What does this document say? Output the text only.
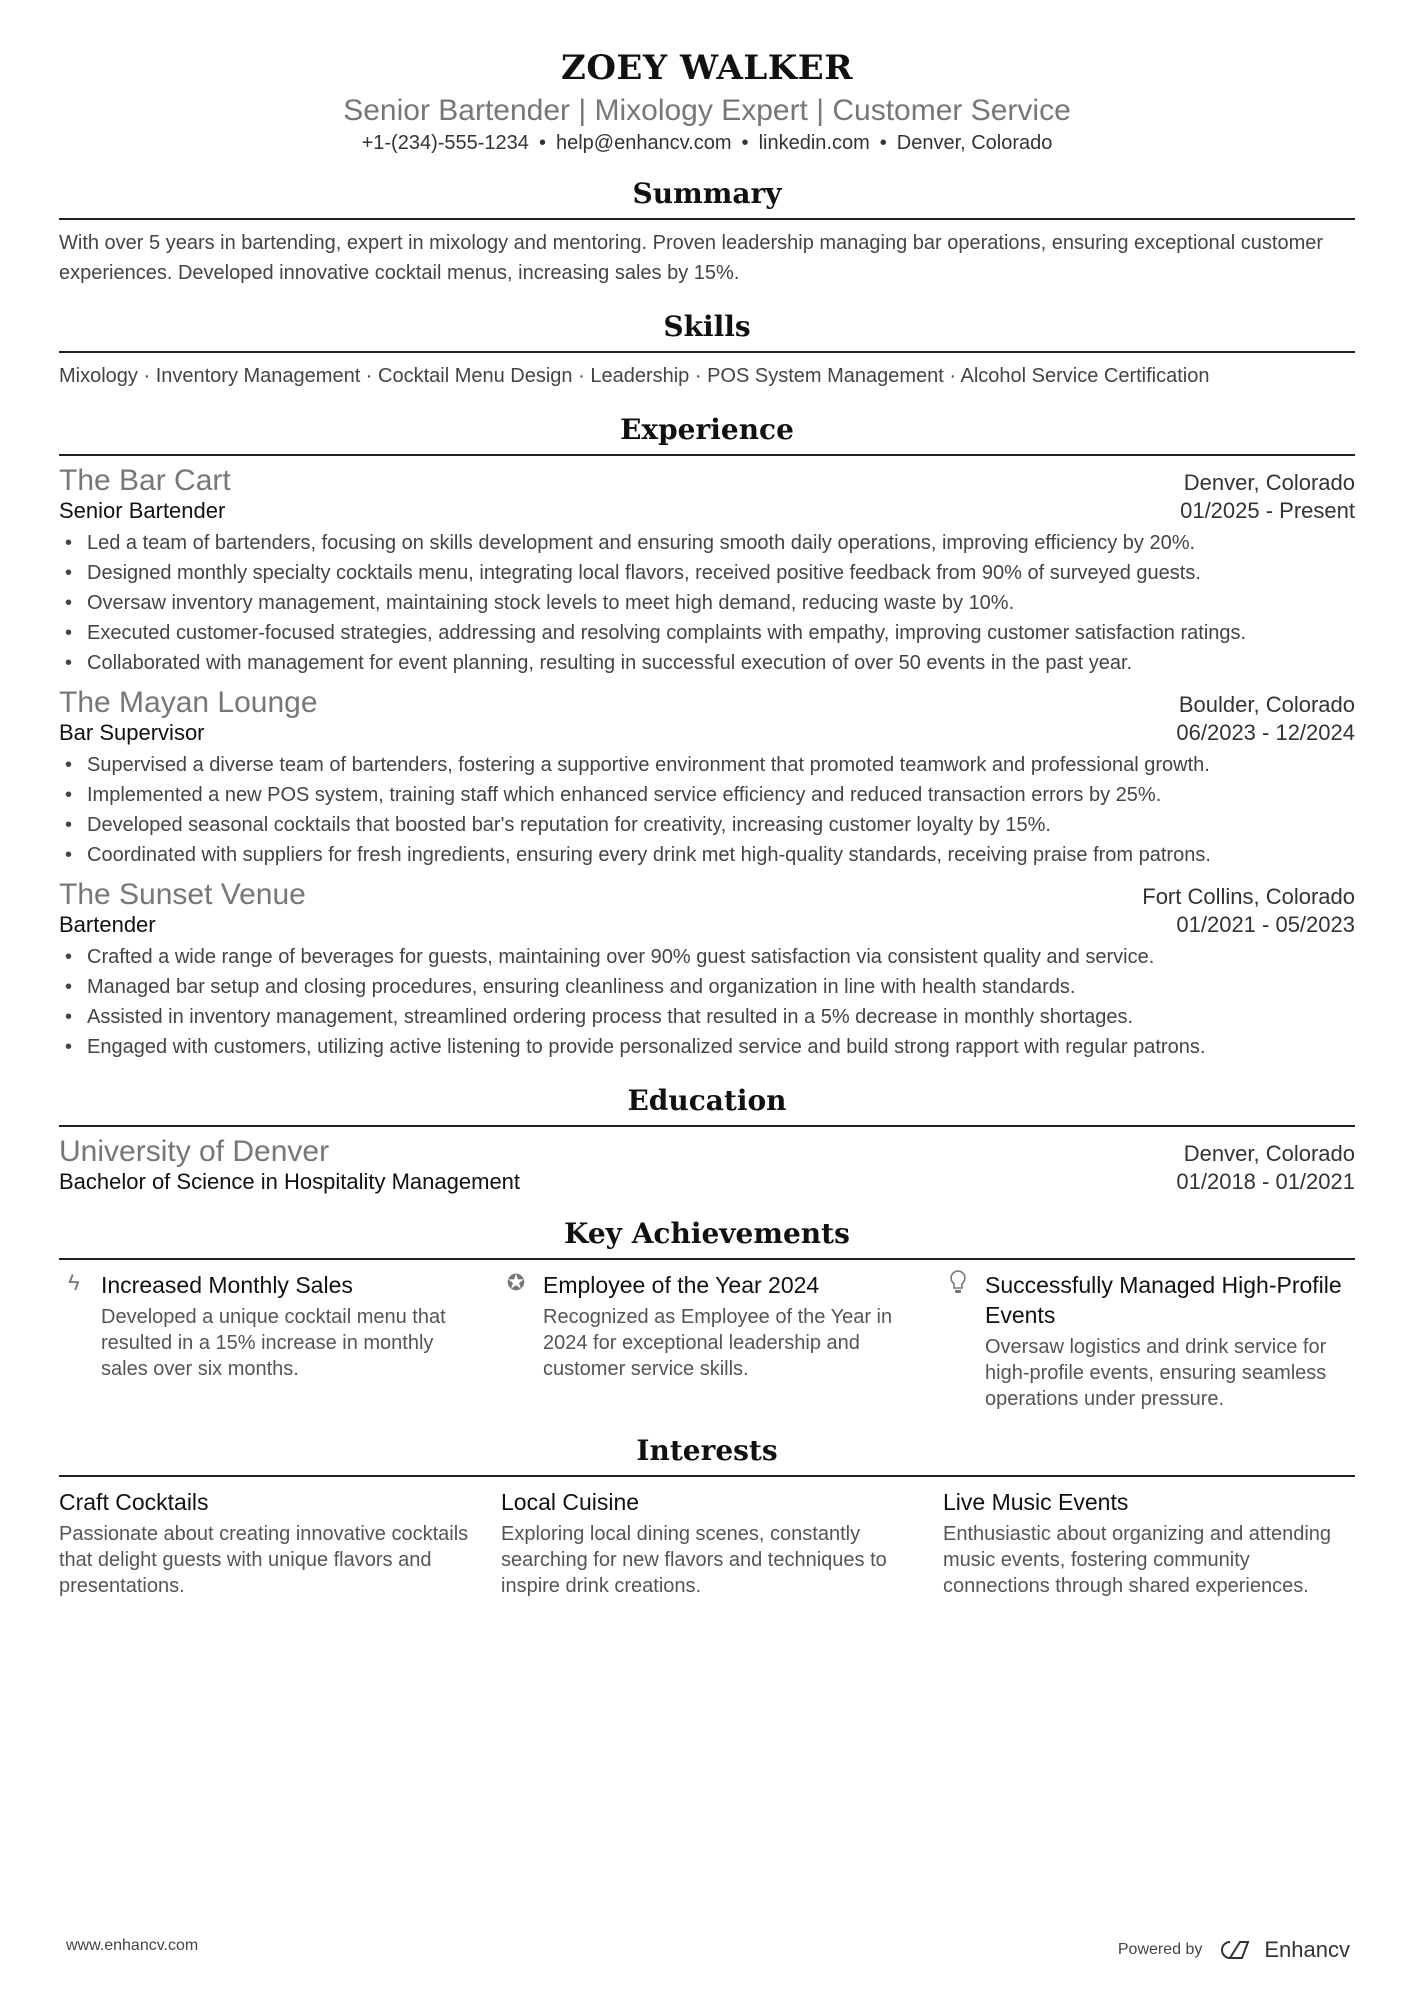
ZOEY WALKER
Senior Bartender | Mixology Expert | Customer Service
+1-(234)-555-1234 • help@enhancv.com • linkedin.com • Denver, Colorado
Summary

With over 5 years in bartending, expert in mixology and mentoring. Proven leadership managing bar operations, ensuring exceptional customer experiences. Developed innovative cocktail menus, increasing sales by 15%.

Skills

Mixology · Inventory Management · Cocktail Menu Design · Leadership · POS System Management · Alcohol Service Certification

Experience
The Bar Cart	Denver, Colorado
Senior Bartender	01/2025 - Present
• Led a team of bartenders, focusing on skills development and ensuring smooth daily operations, improving efficiency by 20%.
• Designed monthly specialty cocktails menu, integrating local flavors, received positive feedback from 90% of surveyed guests.
• Oversaw inventory management, maintaining stock levels to meet high demand, reducing waste by 10%.
• Executed customer-focused strategies, addressing and resolving complaints with empathy, improving customer satisfaction ratings.
• Collaborated with management for event planning, resulting in successful execution of over 50 events in the past year.
The Mayan Lounge	Boulder, Colorado
Bar Supervisor	06/2023 - 12/2024
• Supervised a diverse team of bartenders, fostering a supportive environment that promoted teamwork and professional growth.
• Implemented a new POS system, training staff which enhanced service efficiency and reduced transaction errors by 25%.
• Developed seasonal cocktails that boosted bar's reputation for creativity, increasing customer loyalty by 15%.
• Coordinated with suppliers for fresh ingredients, ensuring every drink met high-quality standards, receiving praise from patrons.
The Sunset Venue	Fort Collins, Colorado
Bartender	01/2021 - 05/2023
• Crafted a wide range of beverages for guests, maintaining over 90% guest satisfaction via consistent quality and service.
• Managed bar setup and closing procedures, ensuring cleanliness and organization in line with health standards.
• Assisted in inventory management, streamlined ordering process that resulted in a 5% decrease in monthly shortages.
• Engaged with customers, utilizing active listening to provide personalized service and build strong rapport with regular patrons.
Education
University of Denver	Denver, Colorado
Bachelor of Science in Hospitality Management	01/2018 - 01/2021
Key Achievements
ϟ Increased Monthly Sales

Developed a unique cocktail menu that resulted in a 15% increase in monthly sales over six months.

✪ Employee of the Year 2024

Recognized as Employee of the Year in 2024 for exceptional leadership and customer service skills.

Successfully Managed High-Profile Events

Oversaw logistics and drink service for high-profile events, ensuring seamless operations under pressure.

Interests
Craft Cocktails

Passionate about creating innovative cocktails that delight guests with unique flavors and presentations.

Local Cuisine

Exploring local dining scenes, constantly searching for new flavors and techniques to inspire drink creations.

Live Music Events

Enthusiastic about organizing and attending music events, fostering community connections through shared experiences.

www.enhancv.com	Powered by	Enhancv
